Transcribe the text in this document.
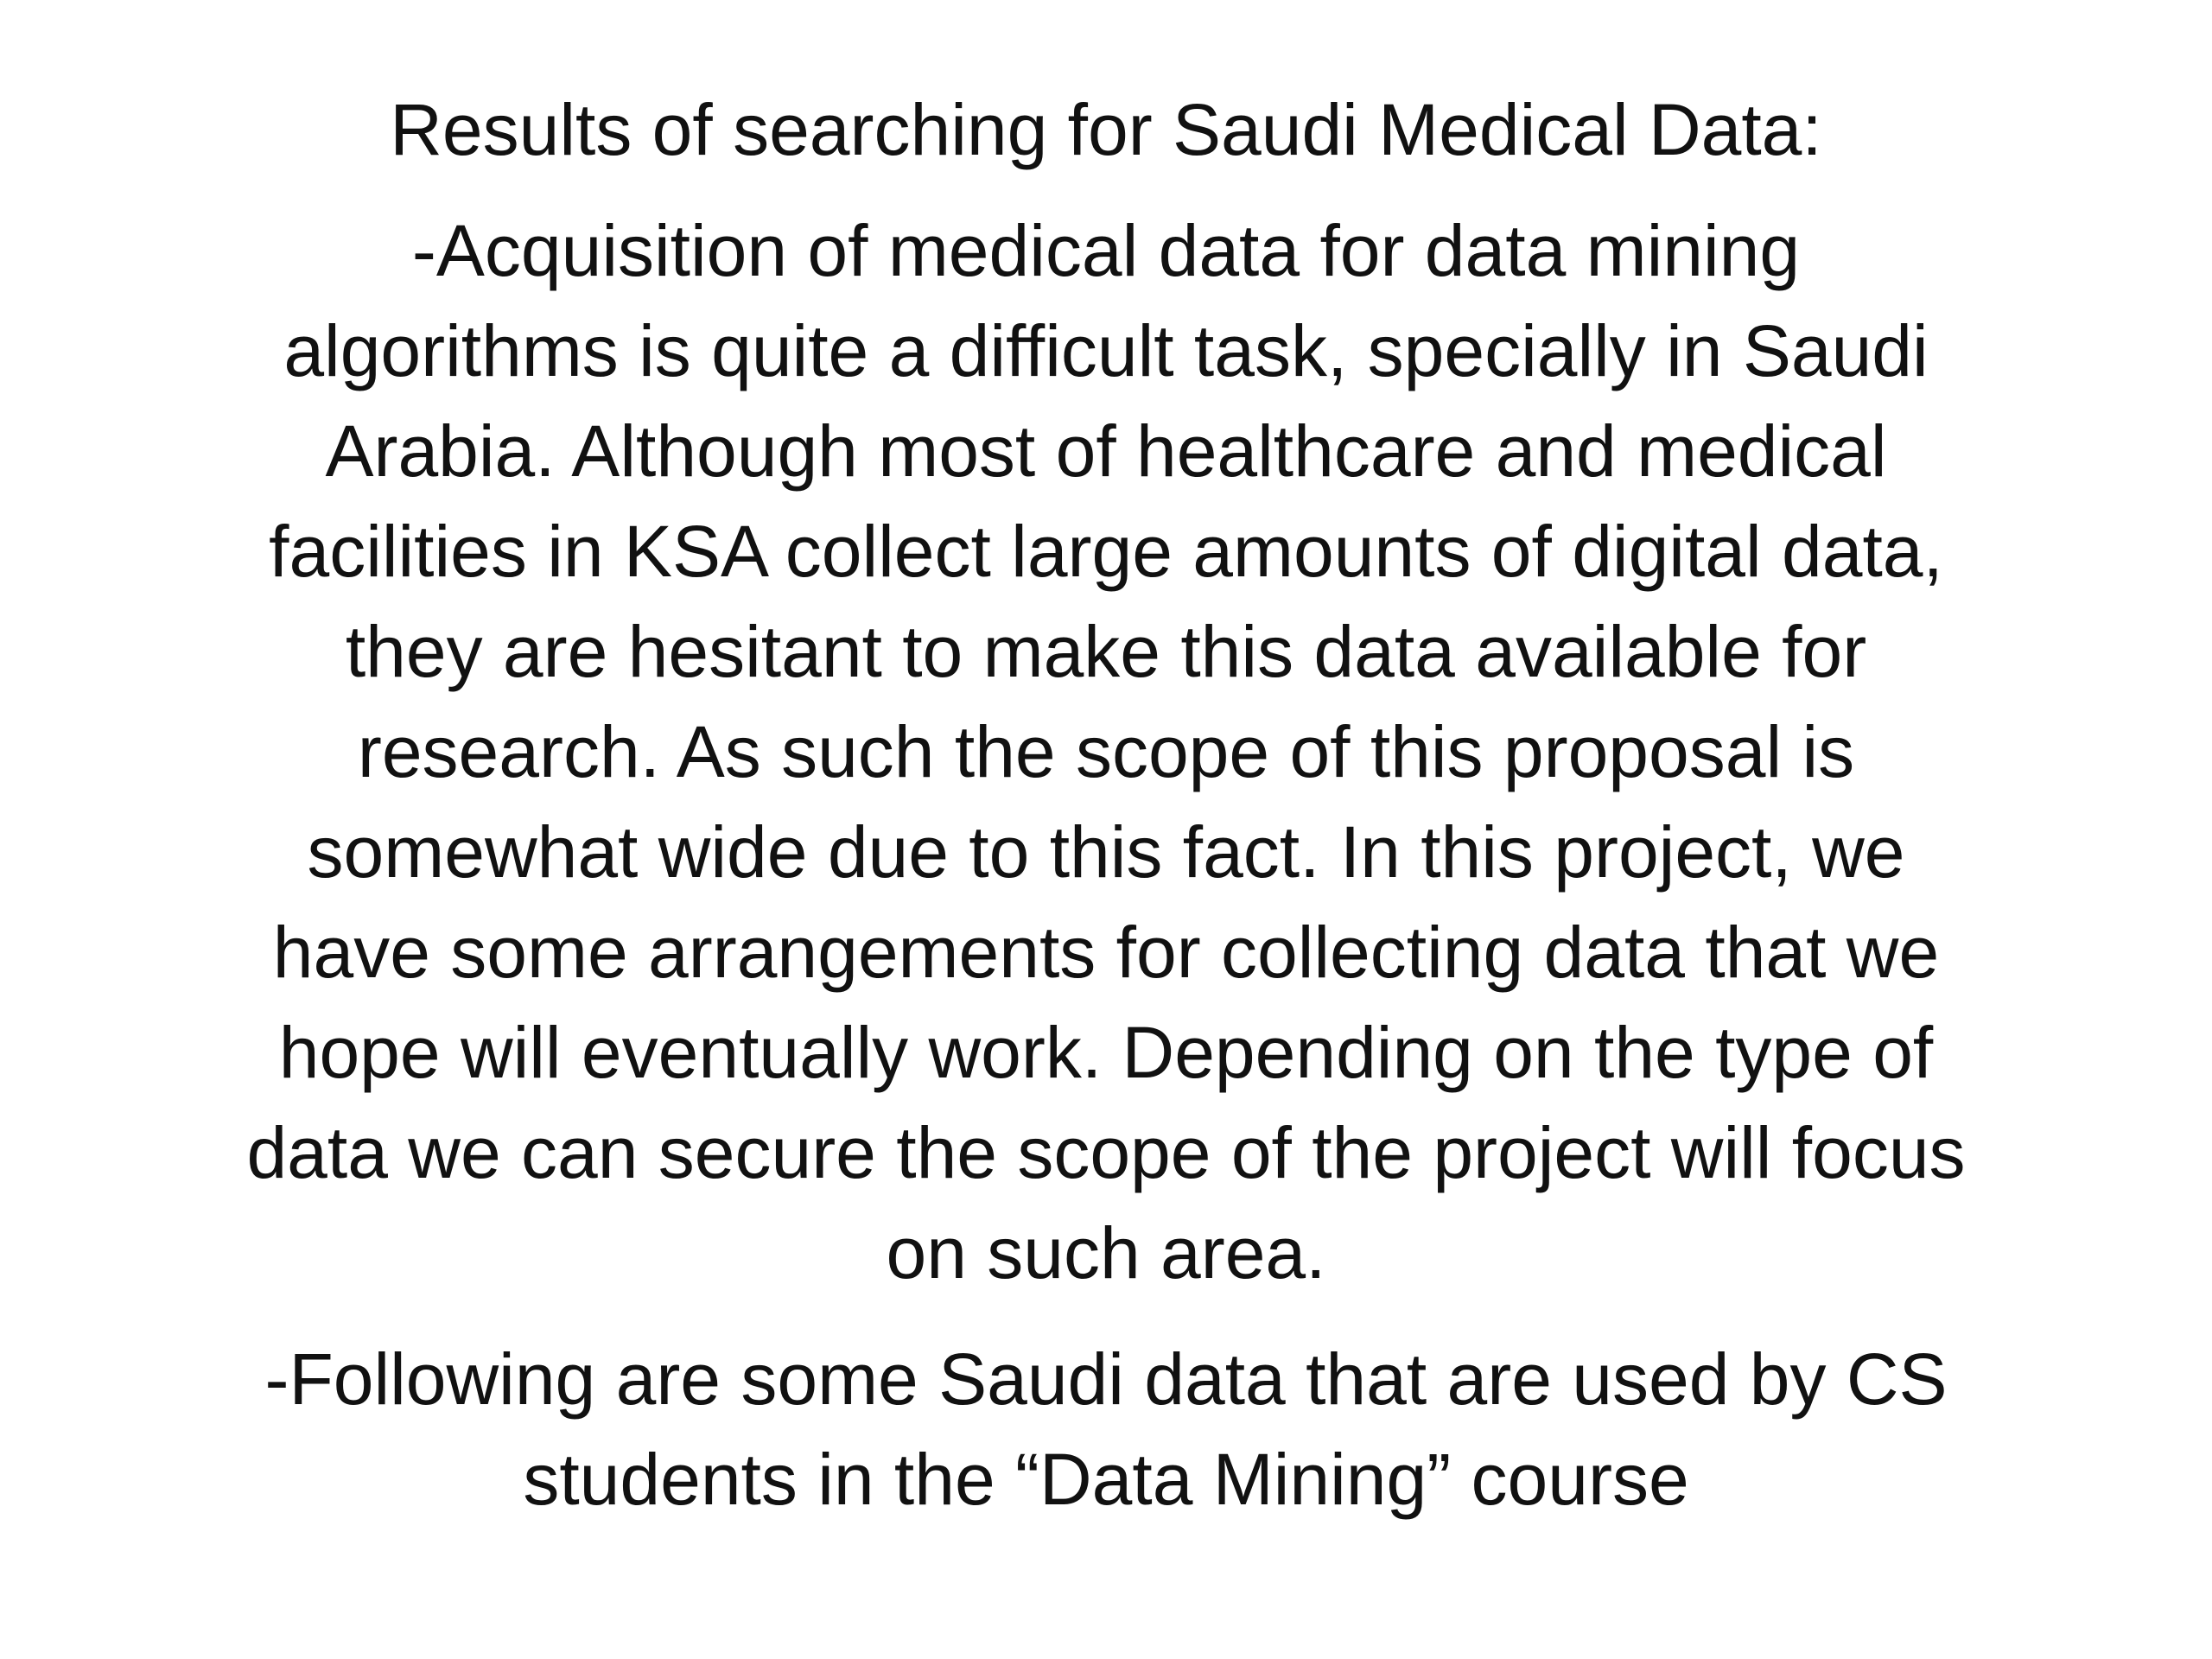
Results of searching for Saudi Medical Data:

-Acquisition of medical data for data mining
algorithms is quite a difficult task, specially in Saudi
Arabia. Although most of healthcare and medical
facilities in KSA collect large amounts of digital data,
they are hesitant to make this data available for
research. As such the scope of this proposal is
somewhat wide due to this fact. In this project, we
have some arrangements for collecting data that we
hope will eventually work. Depending on the type of
data we can secure the scope of the project will focus
on such area.

-Following are some Saudi data that are used by CS
students in the “Data Mining” course
